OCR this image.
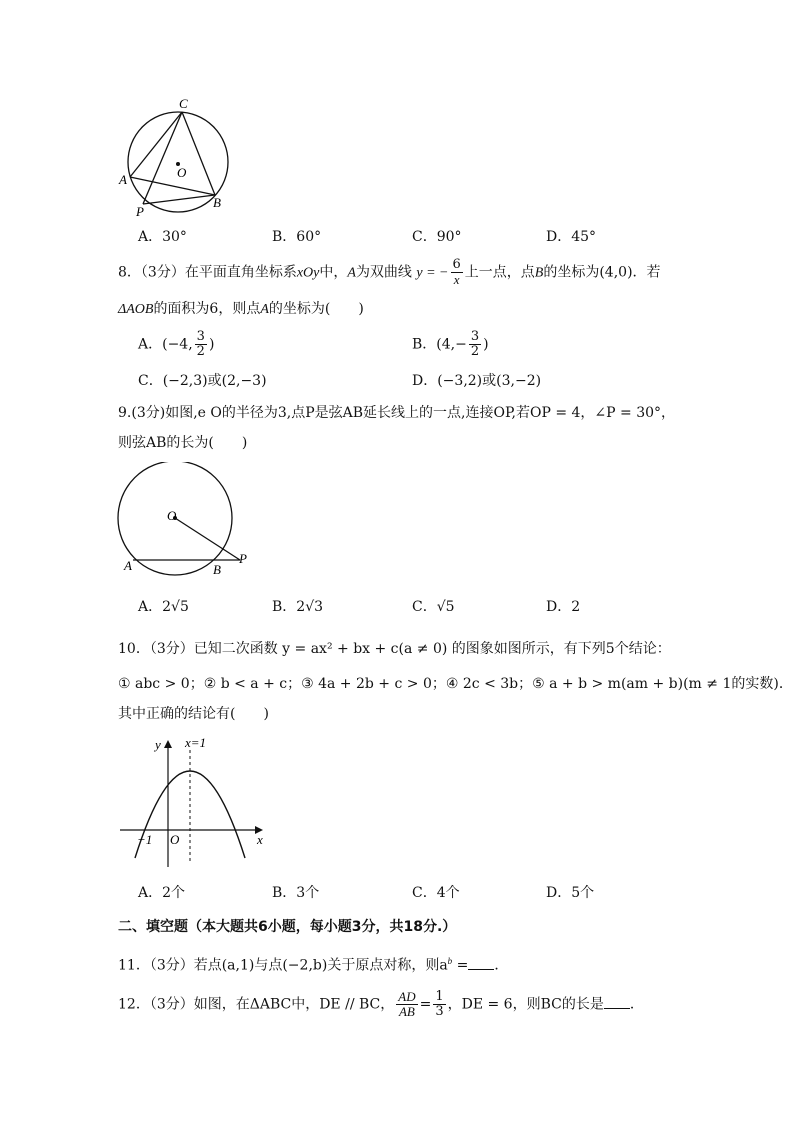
C
O
A
P
B
A．30°	B．60°	C．90°	D．45°
8．（3分）在平面直角坐标系xOy中，A为双曲线 y = − $\frac{6}{x}$ 上一点，点B的坐标为(4,0)．若
ΔAOB的面积为6，则点A的坐标为(　　)
A．(−4, $\frac{3}{2}$ )	B．($4,- \frac{3}{2}$ )
C．(−2,3)或(2,−3)	D．(−3,2)或(3,−2)
9.(3分)如图,e O的半径为3,点P是弦AB延长线上的一点,连接OP,若OP = 4，∠P = 30°，
则弦AB的长为(　　)
O
A	B
P
A．2√5	B．2√3	C．√5	D．2
10．（3分）已知二次函数 y = ax² + bx + c(a ≠ 0) 的图象如图所示，有下列5个结论：
① abc > 0；② b < a + c；③ 4a + 2b + c > 0；④ 2c < 3b；⑤ a + b > m(am + b)(m ≠ 1的实数)．
其中正确的结论有(　　)
y x=1
−1 O	x
A．2个	B．3个	C．4个	D．5个
二、填空题（本大题共6小题，每小题3分，共18分.）
11．（3分）若点(a,1)与点(−2,b)关于原点对称，则$a^b$ = ．
12．（3分）如图，在ΔABC中，DE // BC， $\frac{AD}{AB} = \frac{1}{3}$ ，DE = 6，则BC的长是 ．
